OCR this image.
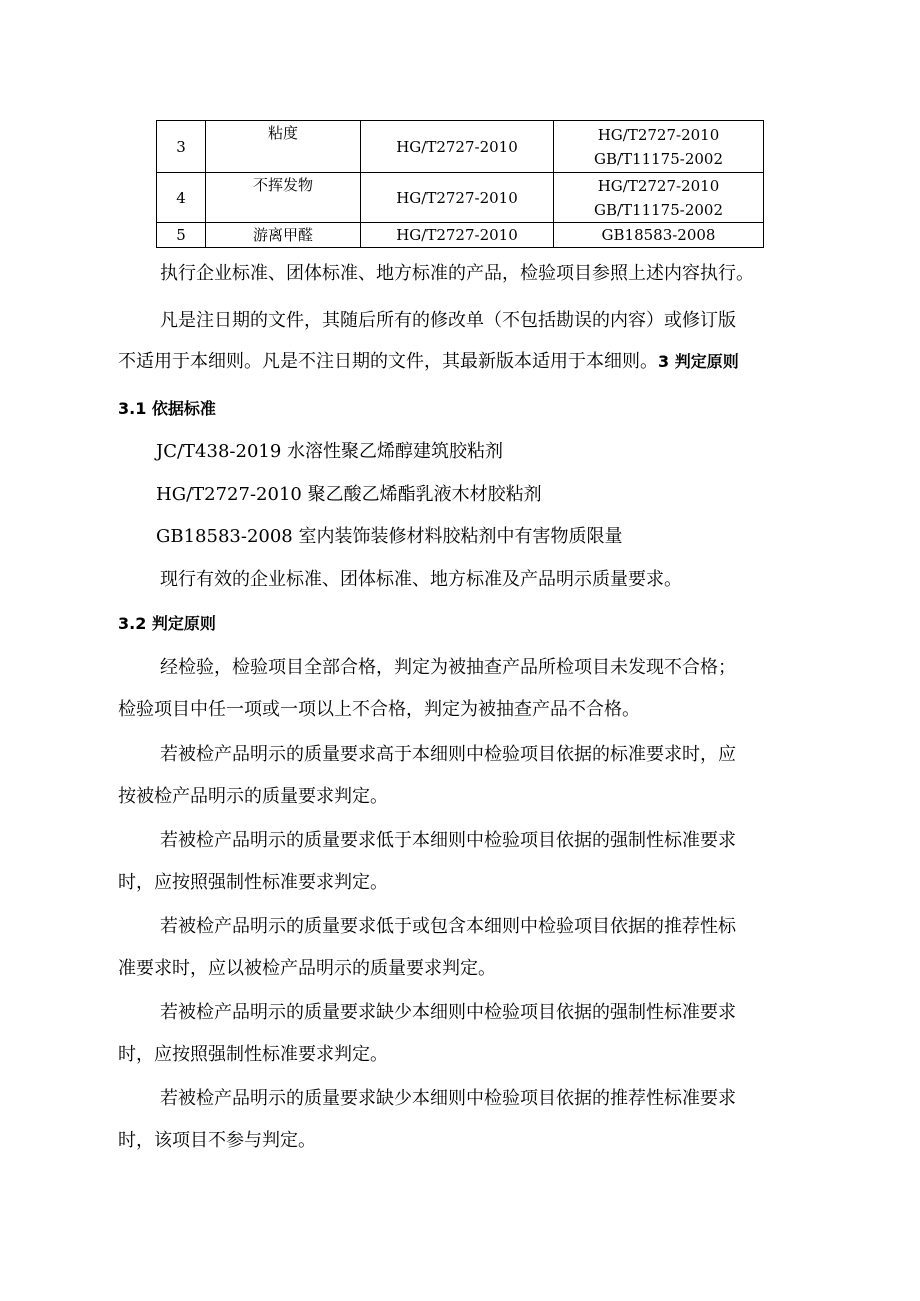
3	粘度	HG/T2727-2010	HG/T2727-2010
GB/T11175-2002

4	不挥发物	HG/T2727-2010	HG/T2727-2010
GB/T11175-2002

5	游离甲醛	HG/T2727-2010	GB18583-2008
执行企业标准、团体标准、地方标准的产品，检验项目参照上述内容执行。
凡是注日期的文件，其随后所有的修改单（不包括勘误的内容）或修订版
不适用于本细则。凡是不注日期的文件，其最新版本适用于本细则。3 判定原则
3.1 依据标准
JC/T438-2019 水溶性聚乙烯醇建筑胶粘剂
HG/T2727-2010 聚乙酸乙烯酯乳液木材胶粘剂
GB18583-2008 室内装饰装修材料胶粘剂中有害物质限量
现行有效的企业标准、团体标准、地方标准及产品明示质量要求。
3.2 判定原则
经检验，检验项目全部合格，判定为被抽查产品所检项目未发现不合格；
检验项目中任一项或一项以上不合格，判定为被抽查产品不合格。
若被检产品明示的质量要求高于本细则中检验项目依据的标准要求时，应
按被检产品明示的质量要求判定。
若被检产品明示的质量要求低于本细则中检验项目依据的强制性标准要求
时，应按照强制性标准要求判定。
若被检产品明示的质量要求低于或包含本细则中检验项目依据的推荐性标
准要求时，应以被检产品明示的质量要求判定。
若被检产品明示的质量要求缺少本细则中检验项目依据的强制性标准要求
时，应按照强制性标准要求判定。
若被检产品明示的质量要求缺少本细则中检验项目依据的推荐性标准要求
时，该项目不参与判定。
